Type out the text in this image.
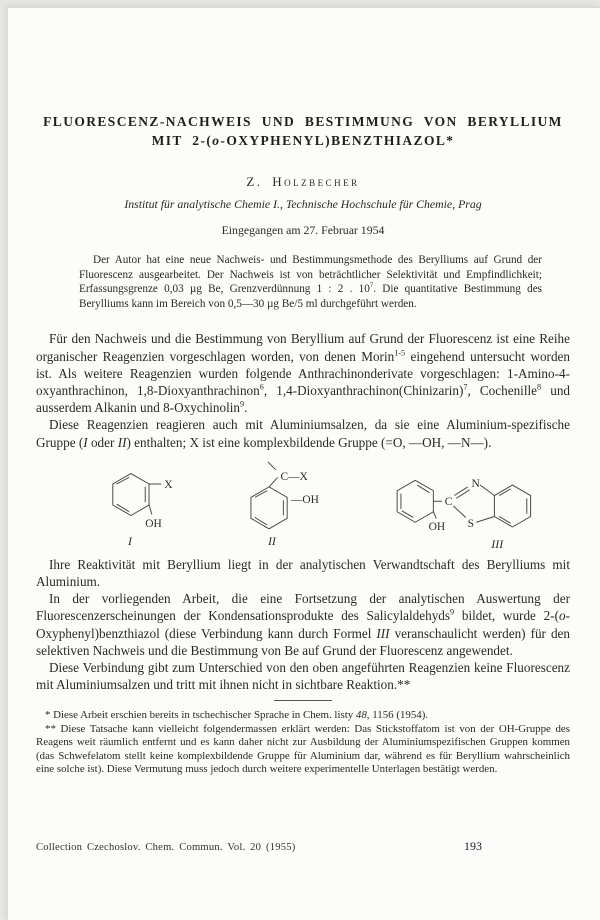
FLUORESCENZ-NACHWEIS UND BESTIMMUNG VON BERYLLIUM
MIT 2-(o-OXYPHENYL)BENZTHIAZOL*
Z. Holzbecher
Institut für analytische Chemie I., Technische Hochschule für Chemie, Prag
Eingegangen am 27. Februar 1954
Der Autor hat eine neue Nachweis- und Bestimmungsmethode des Berylliums auf Grund der Fluorescenz ausgearbeitet. Der Nachweis ist von beträchtlicher Selektivität und Empfindlichkeit; Erfassungsgrenze 0,03 µg Be, Grenzverdünnung 1 : 2 . $10^7$. Die quantitative Bestimmung des Berylliums kann im Bereich von 0,5—30 µg Be/5 ml durchgeführt werden.

Für den Nachweis und die Bestimmung von Beryllium auf Grund der Fluorescenz ist eine Reihe organischer Reagenzien vorgeschlagen worden, von denen Morin$^{1-5}$ eingehend untersucht worden ist. Als weitere Reagenzien wurden folgende Anthrachinonderivate vorgeschlagen: 1-Amino-4-oxyanthrachinon, 1,8-Dioxyanthrachinon$^6$, 1,4-Dioxyanthrachinon(Chinizarin)$^7$, Cochenille$^8$ und ausserdem Alkanin und 8-Oxychinolin$^9$.

Diese Reagenzien reagieren auch mit Aluminiumsalzen, da sie eine Aluminium-spezifische Gruppe (I oder II) enthalten; X ist eine komplexbildende Gruppe (=O, —OH, —N—).

X
OH
I
C—X
—OH
II
OH
C
N
S
III

Ihre Reaktivität mit Beryllium liegt in der analytischen Verwandtschaft des Berylliums mit Aluminium.

In der vorliegenden Arbeit, die eine Fortsetzung der analytischen Auswertung der Fluorescenzerscheinungen der Kondensationsprodukte des Salicylaldehyds$^9$ bildet, wurde 2-(o-Oxyphenyl)benzthiazol (diese Verbindung kann durch Formel III veranschaulicht werden) für den selektiven Nachweis und die Bestimmung von Be auf Grund der Fluorescenz angewendet.

Diese Verbindung gibt zum Unterschied von den oben angeführten Reagenzien keine Fluorescenz mit Aluminiumsalzen und tritt mit ihnen nicht in sichtbare Reaktion.**

* Diese Arbeit erschien bereits in tschechischer Sprache in Chem. listy 48, 1156 (1954).

** Diese Tatsache kann vielleicht folgendermassen erklärt werden: Das Stickstoffatom ist von der OH-Gruppe des Reagens weit räumlich entfernt und es kann daher nicht zur Ausbildung der Aluminiumspezifischen Gruppen kommen (das Schwefelatom stellt keine komplexbildende Gruppe für Aluminium dar, während es für Beryllium wahrscheinlich eine solche ist). Diese Vermutung muss jedoch durch weitere experimentelle Unterlagen bestätigt werden.

Collection Czechoslov. Chem. Commun. Vol. 20 (1955)	193
